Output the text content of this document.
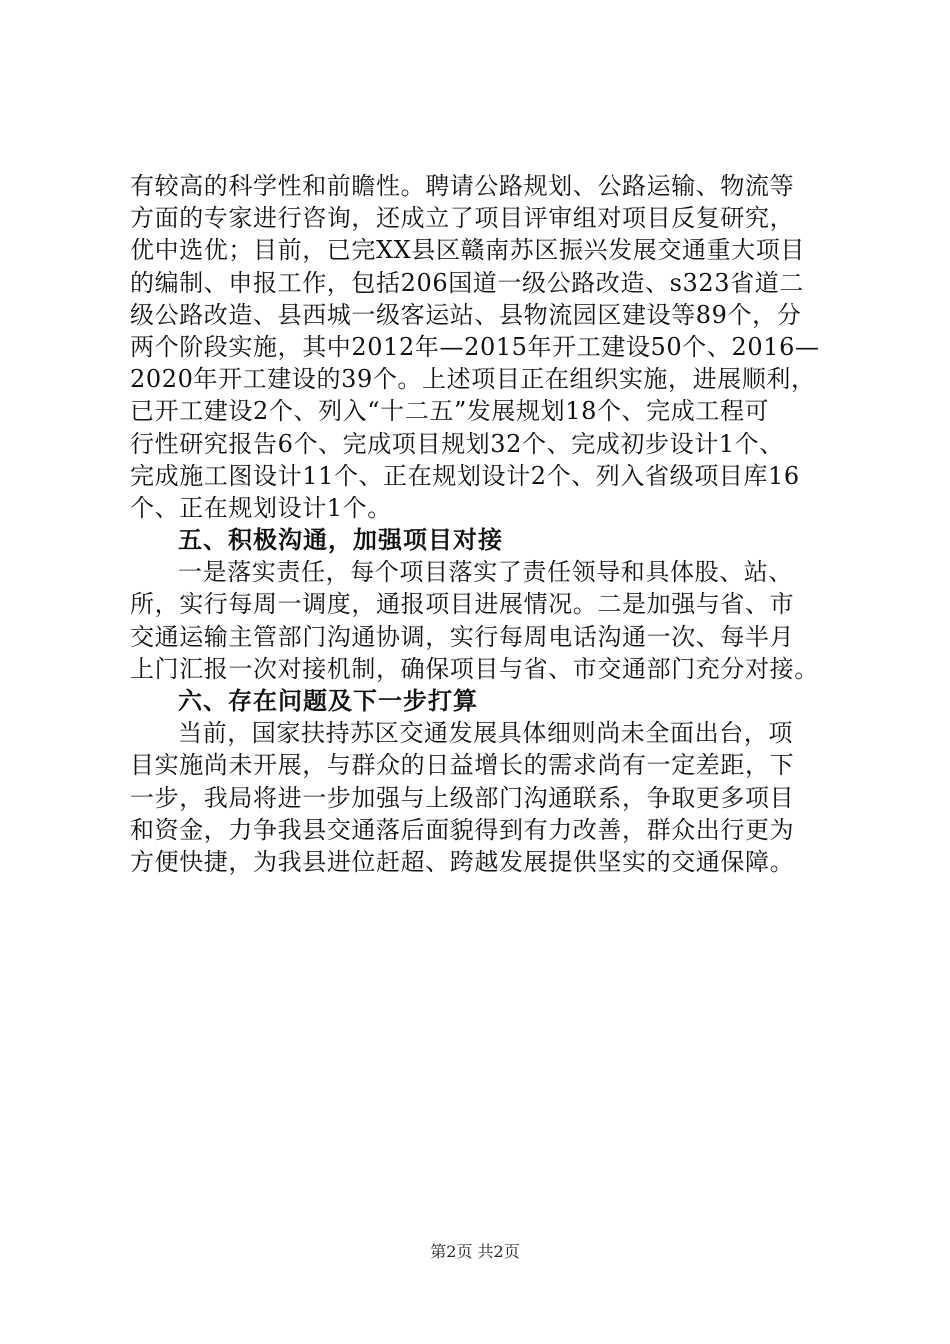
有较高的科学性和前瞻性。聘请公路规划、公路运输、物流等
方面的专家进行咨询，还成立了项目评审组对项目反复研究，
优中选优；目前，已完XX县区赣南苏区振兴发展交通重大项目
的编制、申报工作，包括206国道一级公路改造、s323省道二
级公路改造、县西城一级客运站、县物流园区建设等89个，分
两个阶段实施，其中2012年—2015年开工建设50个、2016—
2020年开工建设的39个。上述项目正在组织实施，进展顺利，
已开工建设2个、列入“十二五”发展规划18个、完成工程可
行性研究报告6个、完成项目规划32个、完成初步设计1个、
完成施工图设计11个、正在规划设计2个、列入省级项目库16
个、正在规划设计1个。
五、积极沟通，加强项目对接
一是落实责任，每个项目落实了责任领导和具体股、站、
所，实行每周一调度，通报项目进展情况。二是加强与省、市
交通运输主管部门沟通协调，实行每周电话沟通一次、每半月
上门汇报一次对接机制，确保项目与省、市交通部门充分对接。
六、存在问题及下一步打算
当前，国家扶持苏区交通发展具体细则尚未全面出台，项
目实施尚未开展，与群众的日益增长的需求尚有一定差距，下
一步，我局将进一步加强与上级部门沟通联系，争取更多项目
和资金，力争我县交通落后面貌得到有力改善，群众出行更为
方便快捷，为我县进位赶超、跨越发展提供坚实的交通保障。
第2页 共2页
